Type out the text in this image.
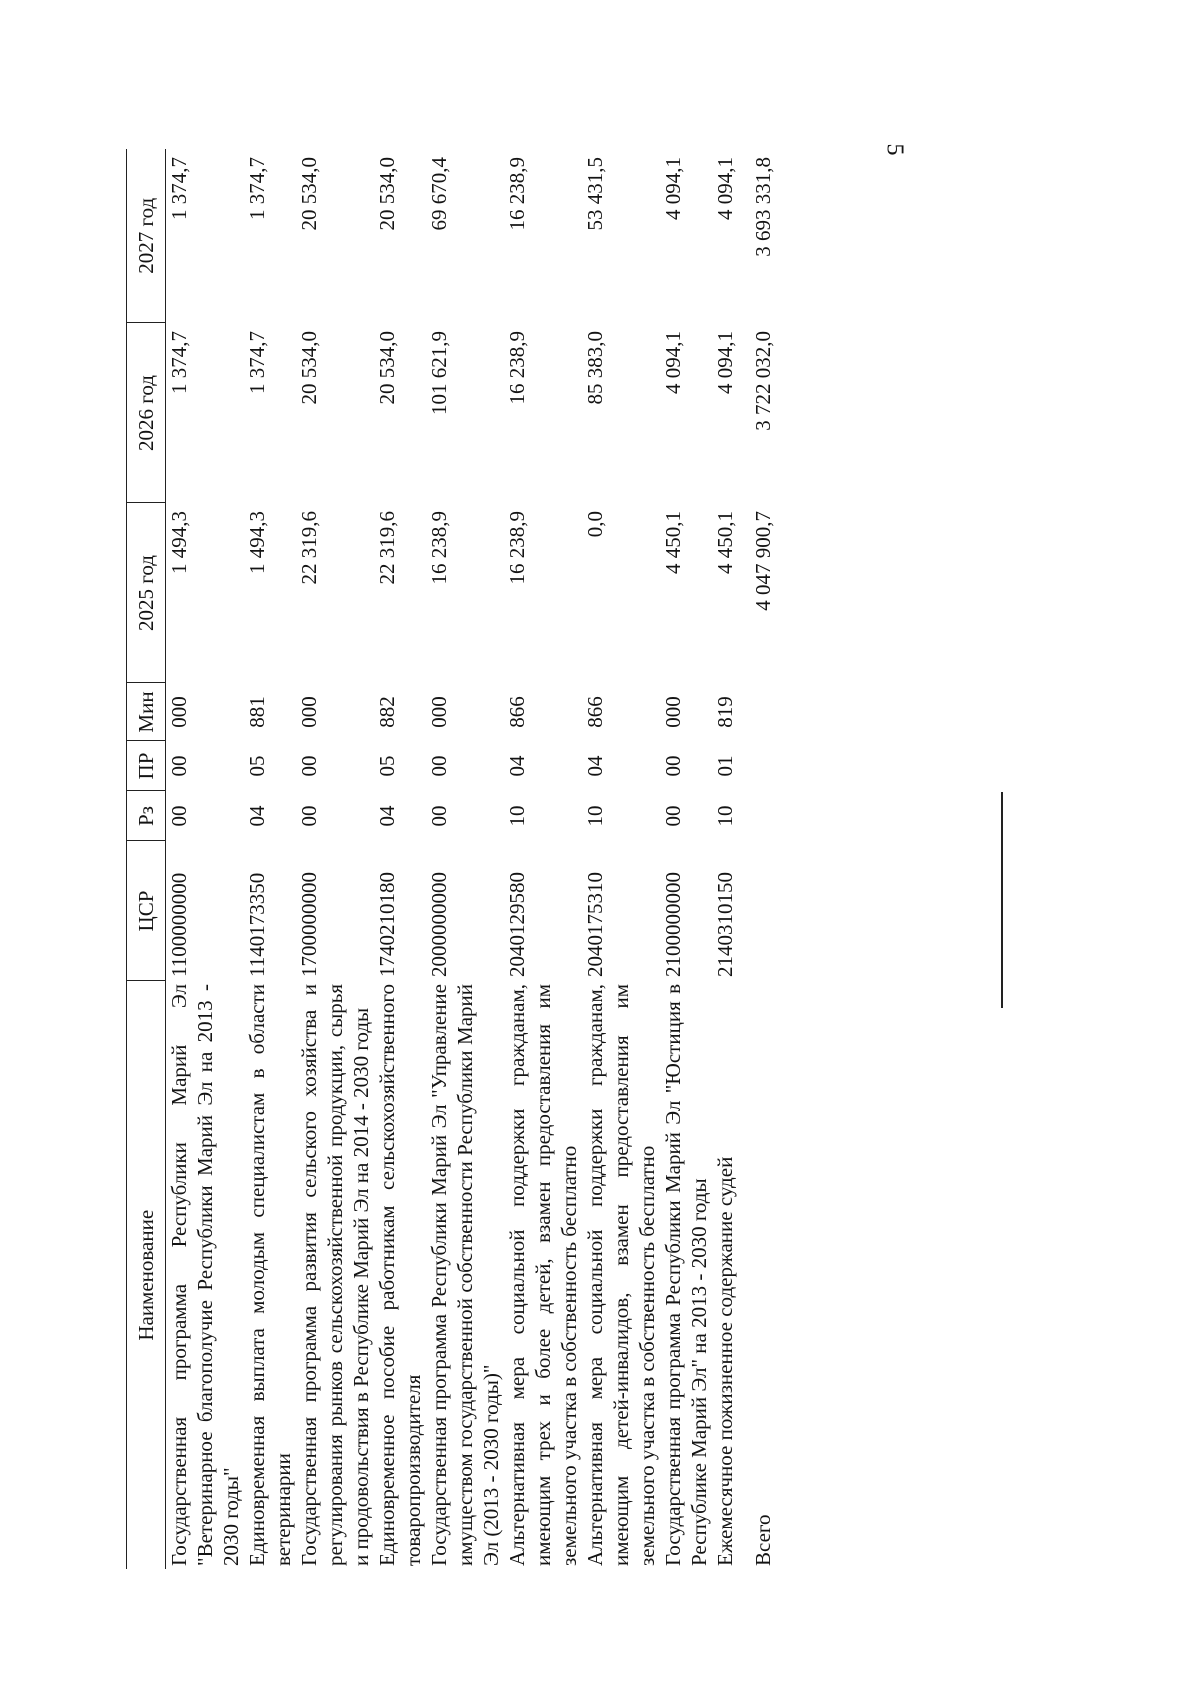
5
Наименование	ЦСР	Рз	ПР	Мин	2025 год	2026 год	2027 год
Государственная программа Республики Марий Эл "Ветеринарное благополучие Республики Марий Эл на 2013 - 2030 годы"	1100000000	00	00	000	1 494,3	1 374,7	1 374,7
Единовременная выплата молодым специалистам в области ветеринарии	1140173350	04	05	881	1 494,3	1 374,7	1 374,7
Государственная программа развития сельского хозяйства и регулирования рынков сельскохозяйственной продукции, сырья и продовольствия в Республике Марий Эл на 2014 - 2030 годы	1700000000	00	00	000	22 319,6	20 534,0	20 534,0
Единовременное пособие работникам сельскохозяйственного товаропроизводителя	1740210180	04	05	882	22 319,6	20 534,0	20 534,0
Государственная программа Республики Марий Эл "Управление имуществом государственной собственности Республики Марий Эл (2013 - 2030 годы)"	2000000000	00	00	000	16 238,9	101 621,9	69 670,4
Альтернативная мера социальной поддержки гражданам, имеющим трех и более детей, взамен предоставления им земельного участка в собственность бесплатно	2040129580	10	04	866	16 238,9	16 238,9	16 238,9
Альтернативная мера социальной поддержки гражданам, имеющим детей-инвалидов, взамен предоставления им земельного участка в собственность бесплатно	2040175310	10	04	866	0,0	85 383,0	53 431,5
Государственная программа Республики Марий Эл "Юстиция в Республике Марий Эл" на 2013 - 2030 годы	2100000000	00	00	000	4 450,1	4 094,1	4 094,1
Ежемесячное пожизненное содержание судей	2140310150	10	01	819	4 450,1	4 094,1	4 094,1
Всего					4 047 900,7	3 722 032,0	3 693 331,8
